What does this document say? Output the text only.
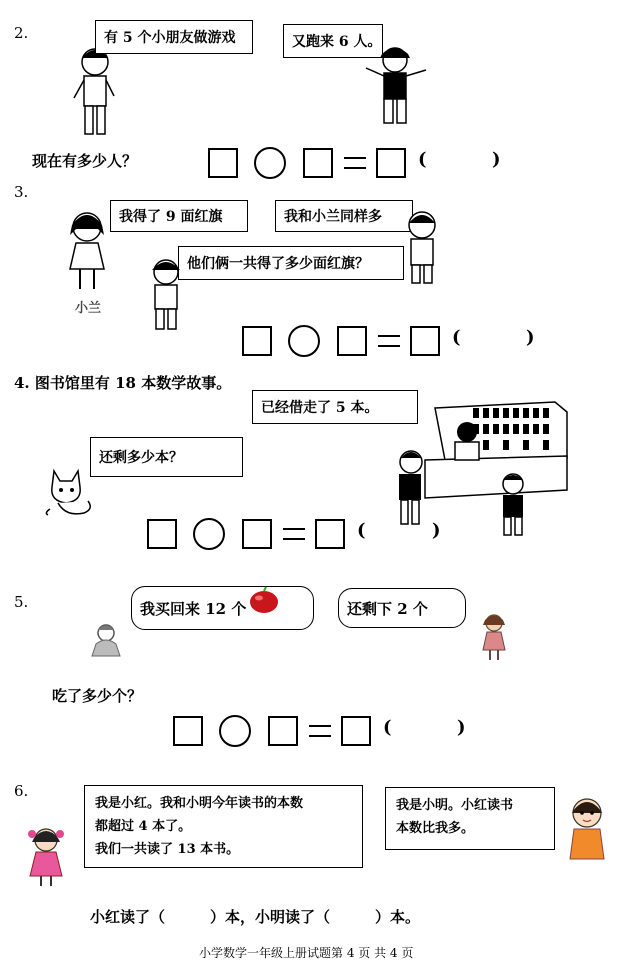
2.	有 5 个小朋友做游戏	又跑来 6 人。
现在有多少人？	(	)
3.
小兰
我得了 9 面红旗	我和小兰同样多
他们俩一共得了多少面红旗？
(	)
4. 图书馆里有 18 本数学故事。
已经借走了 5 本。
还剩多少本？
(	)
5.	我买回来 12 个	还剩下 2 个
吃了多少个？
(	)
6.
我是小红。我和小明今年读书的本数
都超过 4 本了。
我们一共读了 13 本书。
我是小明。小红读书
本数比我多。
小红读了（　　　）本，小明读了（　　　）本。
小学数学一年级上册试题第 4 页 共 4 页
